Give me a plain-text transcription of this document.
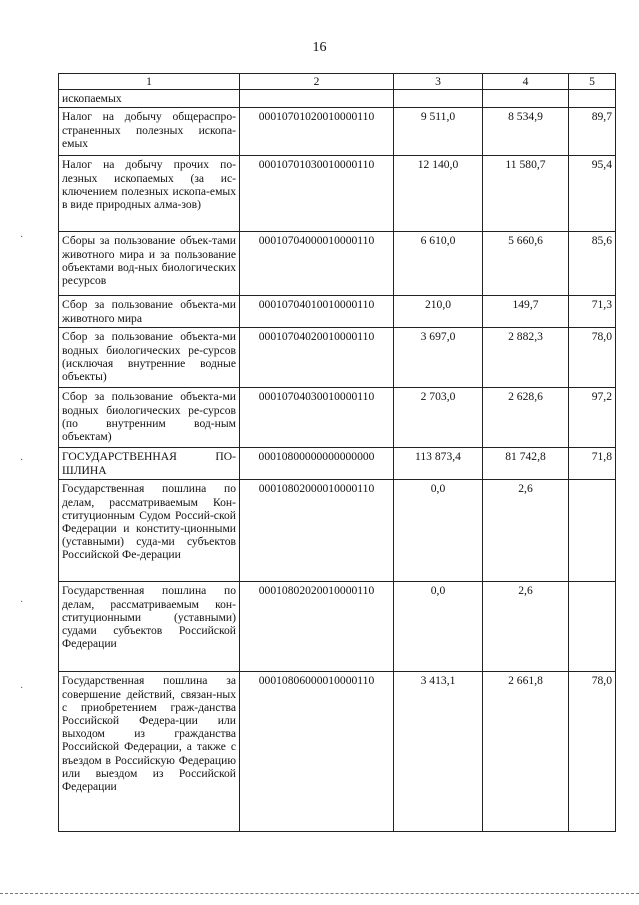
16
·
·
·
·
1	2	3	4	5
ископаемых				
Налог на добычу общераспро-страненных полезных ископа-емых	00010701020010000110	9 511,0	8 534,9	89,7
Налог на добычу прочих по-лезных ископаемых (за ис-ключением полезных ископа-емых в виде природных алма-зов)	00010701030010000110	12 140,0	11 580,7	95,4
Сборы за пользование объек-тами животного мира и за пользование объектами вод-ных биологических ресурсов	00010704000010000110	6 610,0	5 660,6	85,6
Сбор за пользование объекта-ми животного мира	00010704010010000110	210,0	149,7	71,3
Сбор за пользование объекта-ми водных биологических ре-сурсов (исключая внутренние водные объекты)	00010704020010000110	3 697,0	2 882,3	78,0
Сбор за пользование объекта-ми водных биологических ре-сурсов (по внутренним вод-ным объектам)	00010704030010000110	2 703,0	2 628,6	97,2
ГОСУДАРСТВЕННАЯ ПО-ШЛИНА	00010800000000000000	113 873,4	81 742,8	71,8
Государственная пошлина по делам, рассматриваемым Кон-ституционным Судом Россий-ской Федерации и конститу-ционными (уставными) суда-ми субъектов Российской Фе-дерации	00010802000010000110	0,0	2,6	
Государственная пошлина по делам, рассматриваемым кон-ституционными (уставными) судами субъектов Российской Федерации	00010802020010000110	0,0	2,6	
Государственная пошлина за совершение действий, связан-ных с приобретением граж-данства Российской Федера-ции или выходом из гражданства Российской Федерации, а также с въездом в Российскую Федерацию или выездом из Российской Федерации	00010806000010000110	3 413,1	2 661,8	78,0
